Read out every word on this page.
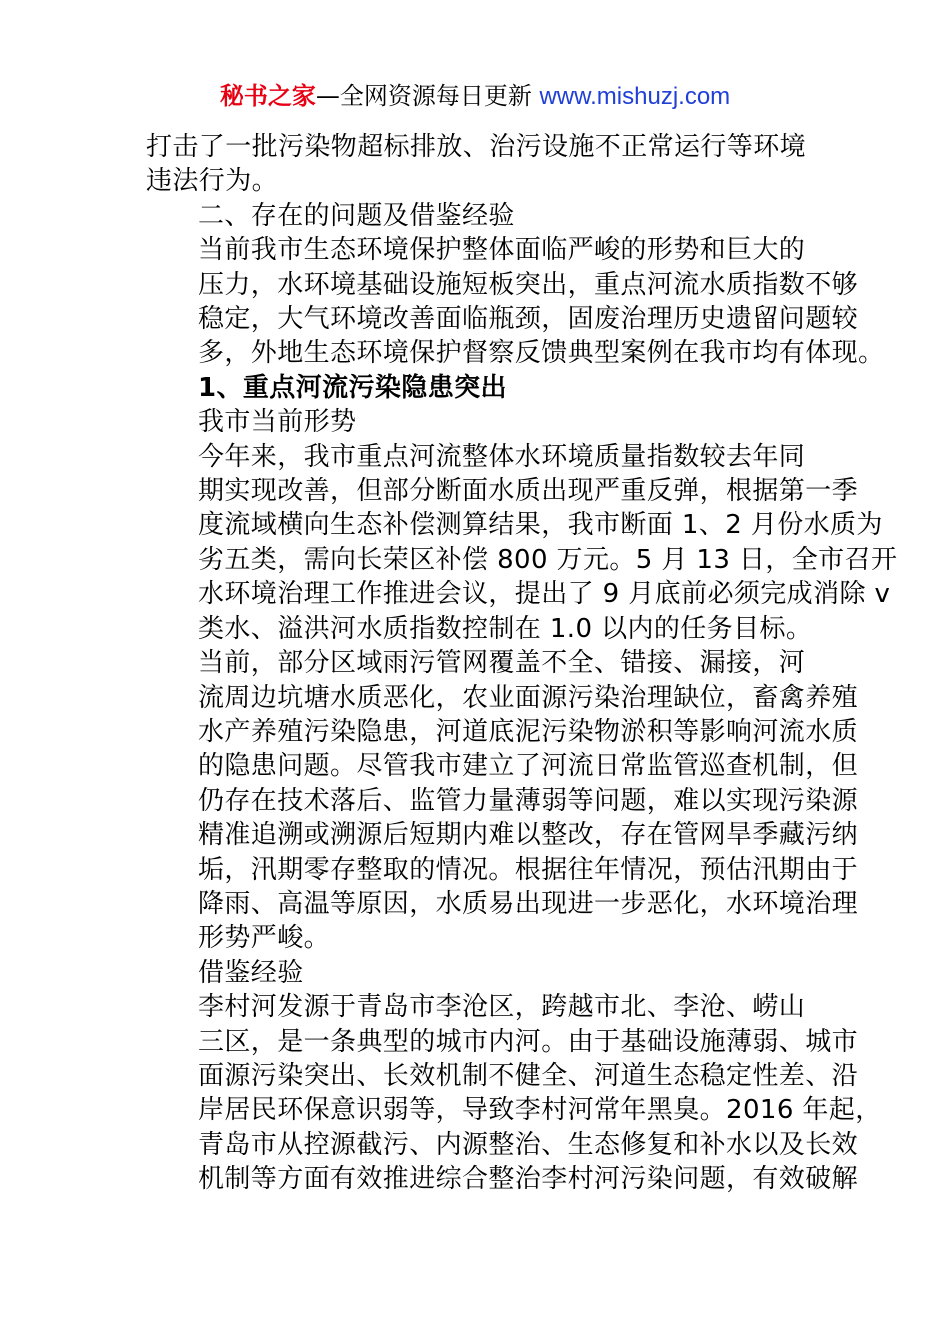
秘书之家—全网资源每日更新 www.mishuzj.com
打击了一批污染物超标排放、治污设施不正常运行等环境
违法行为。
二、存在的问题及借鉴经验
当前我市生态环境保护整体面临严峻的形势和巨大的
压力，水环境基础设施短板突出，重点河流水质指数不够
稳定，大气环境改善面临瓶颈，固废治理历史遗留问题较
多，外地生态环境保护督察反馈典型案例在我市均有体现。
1、重点河流污染隐患突出
我市当前形势
今年来，我市重点河流整体水环境质量指数较去年同
期实现改善，但部分断面水质出现严重反弹，根据第一季
度流域横向生态补偿测算结果，我市断面 1、2 月份水质为
劣五类，需向长荣区补偿 800 万元。5 月 13 日，全市召开
水环境治理工作推进会议，提出了 9 月底前必须完成消除 v
类水、溢洪河水质指数控制在 1.0 以内的任务目标。
当前，部分区域雨污管网覆盖不全、错接、漏接，河
流周边坑塘水质恶化，农业面源污染治理缺位，畜禽养殖
水产养殖污染隐患，河道底泥污染物淤积等影响河流水质
的隐患问题。尽管我市建立了河流日常监管巡查机制，但
仍存在技术落后、监管力量薄弱等问题，难以实现污染源
精准追溯或溯源后短期内难以整改，存在管网旱季藏污纳
垢，汛期零存整取的情况。根据往年情况，预估汛期由于
降雨、高温等原因，水质易出现进一步恶化，水环境治理
形势严峻。
借鉴经验
李村河发源于青岛市李沧区，跨越市北、李沧、崂山
三区，是一条典型的城市内河。由于基础设施薄弱、城市
面源污染突出、长效机制不健全、河道生态稳定性差、沿
岸居民环保意识弱等，导致李村河常年黑臭。2016 年起，
青岛市从控源截污、内源整治、生态修复和补水以及长效
机制等方面有效推进综合整治李村河污染问题，有效破解
